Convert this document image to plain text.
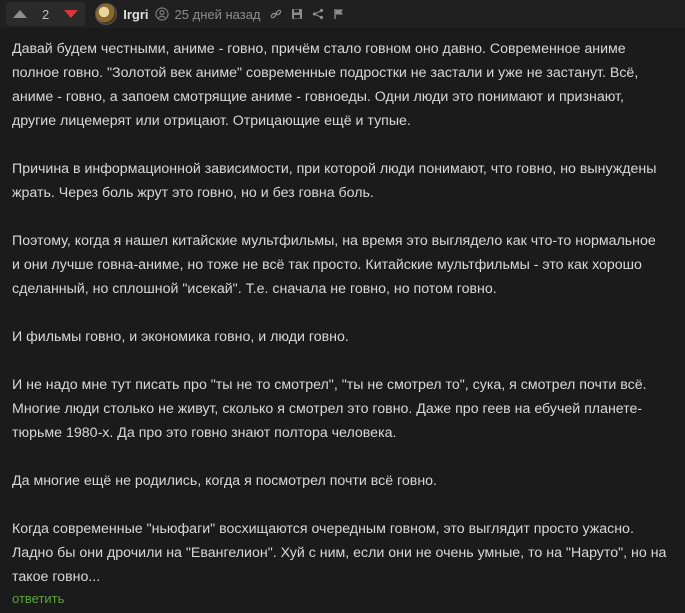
2	Irgri 25 дней назад

Давай будем честными, аниме - говно, причём стало говном оно давно. Современное аниме
полное говно. "Золотой век аниме" современные подростки не застали и уже не застанут. Всё,
аниме - говно, а запоем смотрящие аниме - говноеды. Одни люди это понимают и признают,
другие лицемерят или отрицают. Отрицающие ещё и тупые.

Причина в информационной зависимости, при которой люди понимают, что говно, но вынуждены
жрать. Через боль жрут это говно, но и без говна боль.

Поэтому, когда я нашел китайские мультфильмы, на время это выглядело как что-то нормальное
и они лучше говна-аниме, но тоже не всё так просто. Китайские мультфильмы - это как хорошо
сделанный, но сплошной "исекай". Т.е. сначала не говно, но потом говно.

И фильмы говно, и экономика говно, и люди говно.

И не надо мне тут писать про "ты не то смотрел", "ты не смотрел то", сука, я смотрел почти всё.
Многие люди столько не живут, сколько я смотрел это говно. Даже про геев на ебучей планете-
тюрьме 1980-х. Да про это говно знают полтора человека.

Да многие ещё не родились, когда я посмотрел почти всё говно.

Когда современные "ньюфаги" восхищаются очередным говном, это выглядит просто ужасно.
Ладно бы они дрочили на "Евангелион". Хуй с ним, если они не очень умные, то на "Наруто", но на
такое говно...

ответить
